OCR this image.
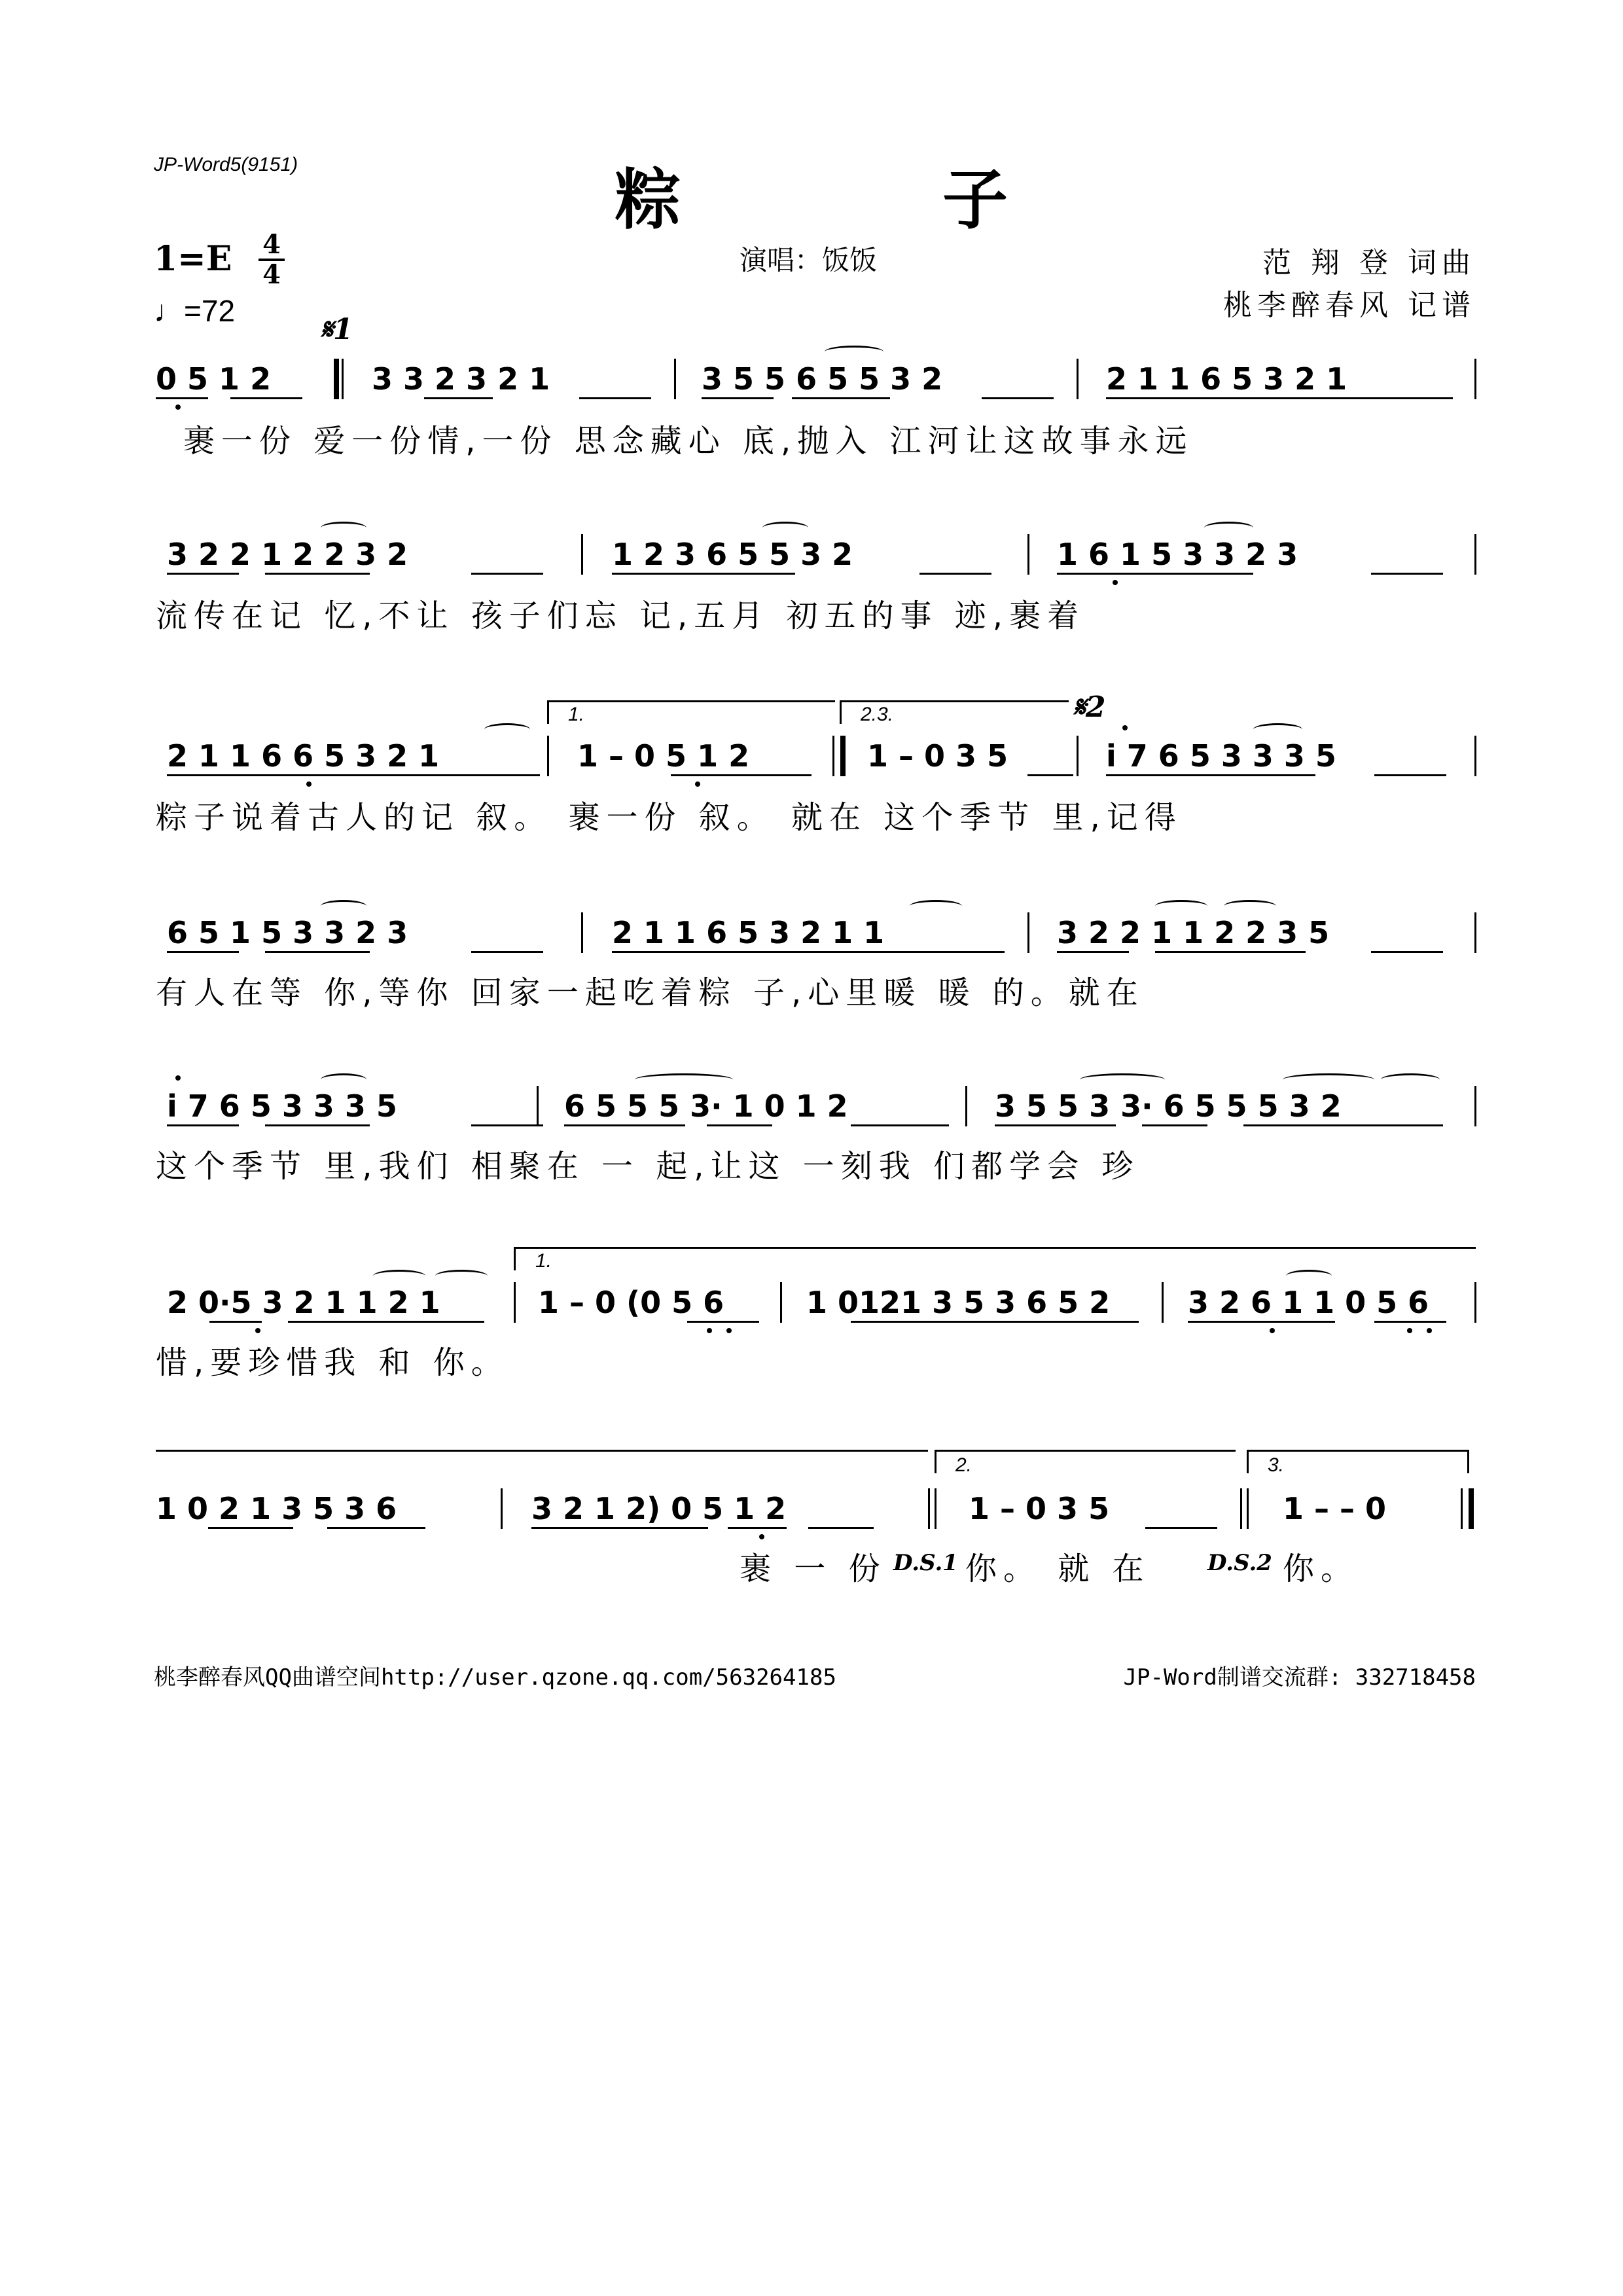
JP-Word5(9151)	粽　子
1=E 4
4
♩=72
演唱：饭饭	范 翔 登 词曲
桃李醉春风 记谱
𝄋1
0 5 1 2	3 3 2 3 2 1	3 5 5 6 5 5 3 2	2 1 1 6 5 3 2 1
裹一份 爱一份情,一份 思念藏心 底,抛入 江河让这故事永远
3 2 2 1 2 2 3 2	1 2 3 6 5 5 3 2	1 6 1 5 3 3 2 3
流传在记 忆,不让 孩子们忘 记,五月 初五的事 迹,裹着
1.	2.3.	𝄋2
2 1 1 6 6 5 3 2 1	1 – 0 5 1 2	1 – 0 3 5	i 7 6 5 3 3 3 5
粽子说着古人的记 叙。 裹一份 叙。 就在 这个季节 里,记得
6 5 1 5 3 3 2 3	2 1 1 6 5 3 2 1 1	3 2 2 1 1 2 2 3 5
有人在等 你,等你 回家一起吃着粽 子,心里暖 暖 的。就在
i 7 6 5 3 3 3 5	6 5 5 5 3· 1 0 1 2	3 5 5 3 3· 6 5 5 5 3 2
这个季节 里,我们 相聚在 一 起,让这 一刻我 们都学会 珍
1.
2 0·5 3 2 1 1 2 1	1 – 0 (0 5 6	1 0121 3 5 3 6 5 2	3 2 6 1 1 0 5 6
惜,要珍惜我 和 你。
2.	3.
1 0 2 1 3 5 3 6	3 2 1 2) 0 5 1 2	1 – 0 3 5	1 – – 0
裹 一 份 D.S.1 你。 就 在	D.S.2 你。
桃李醉春风QQ曲谱空间http://user.qzone.qq.com/563264185	JP-Word制谱交流群: 332718458
